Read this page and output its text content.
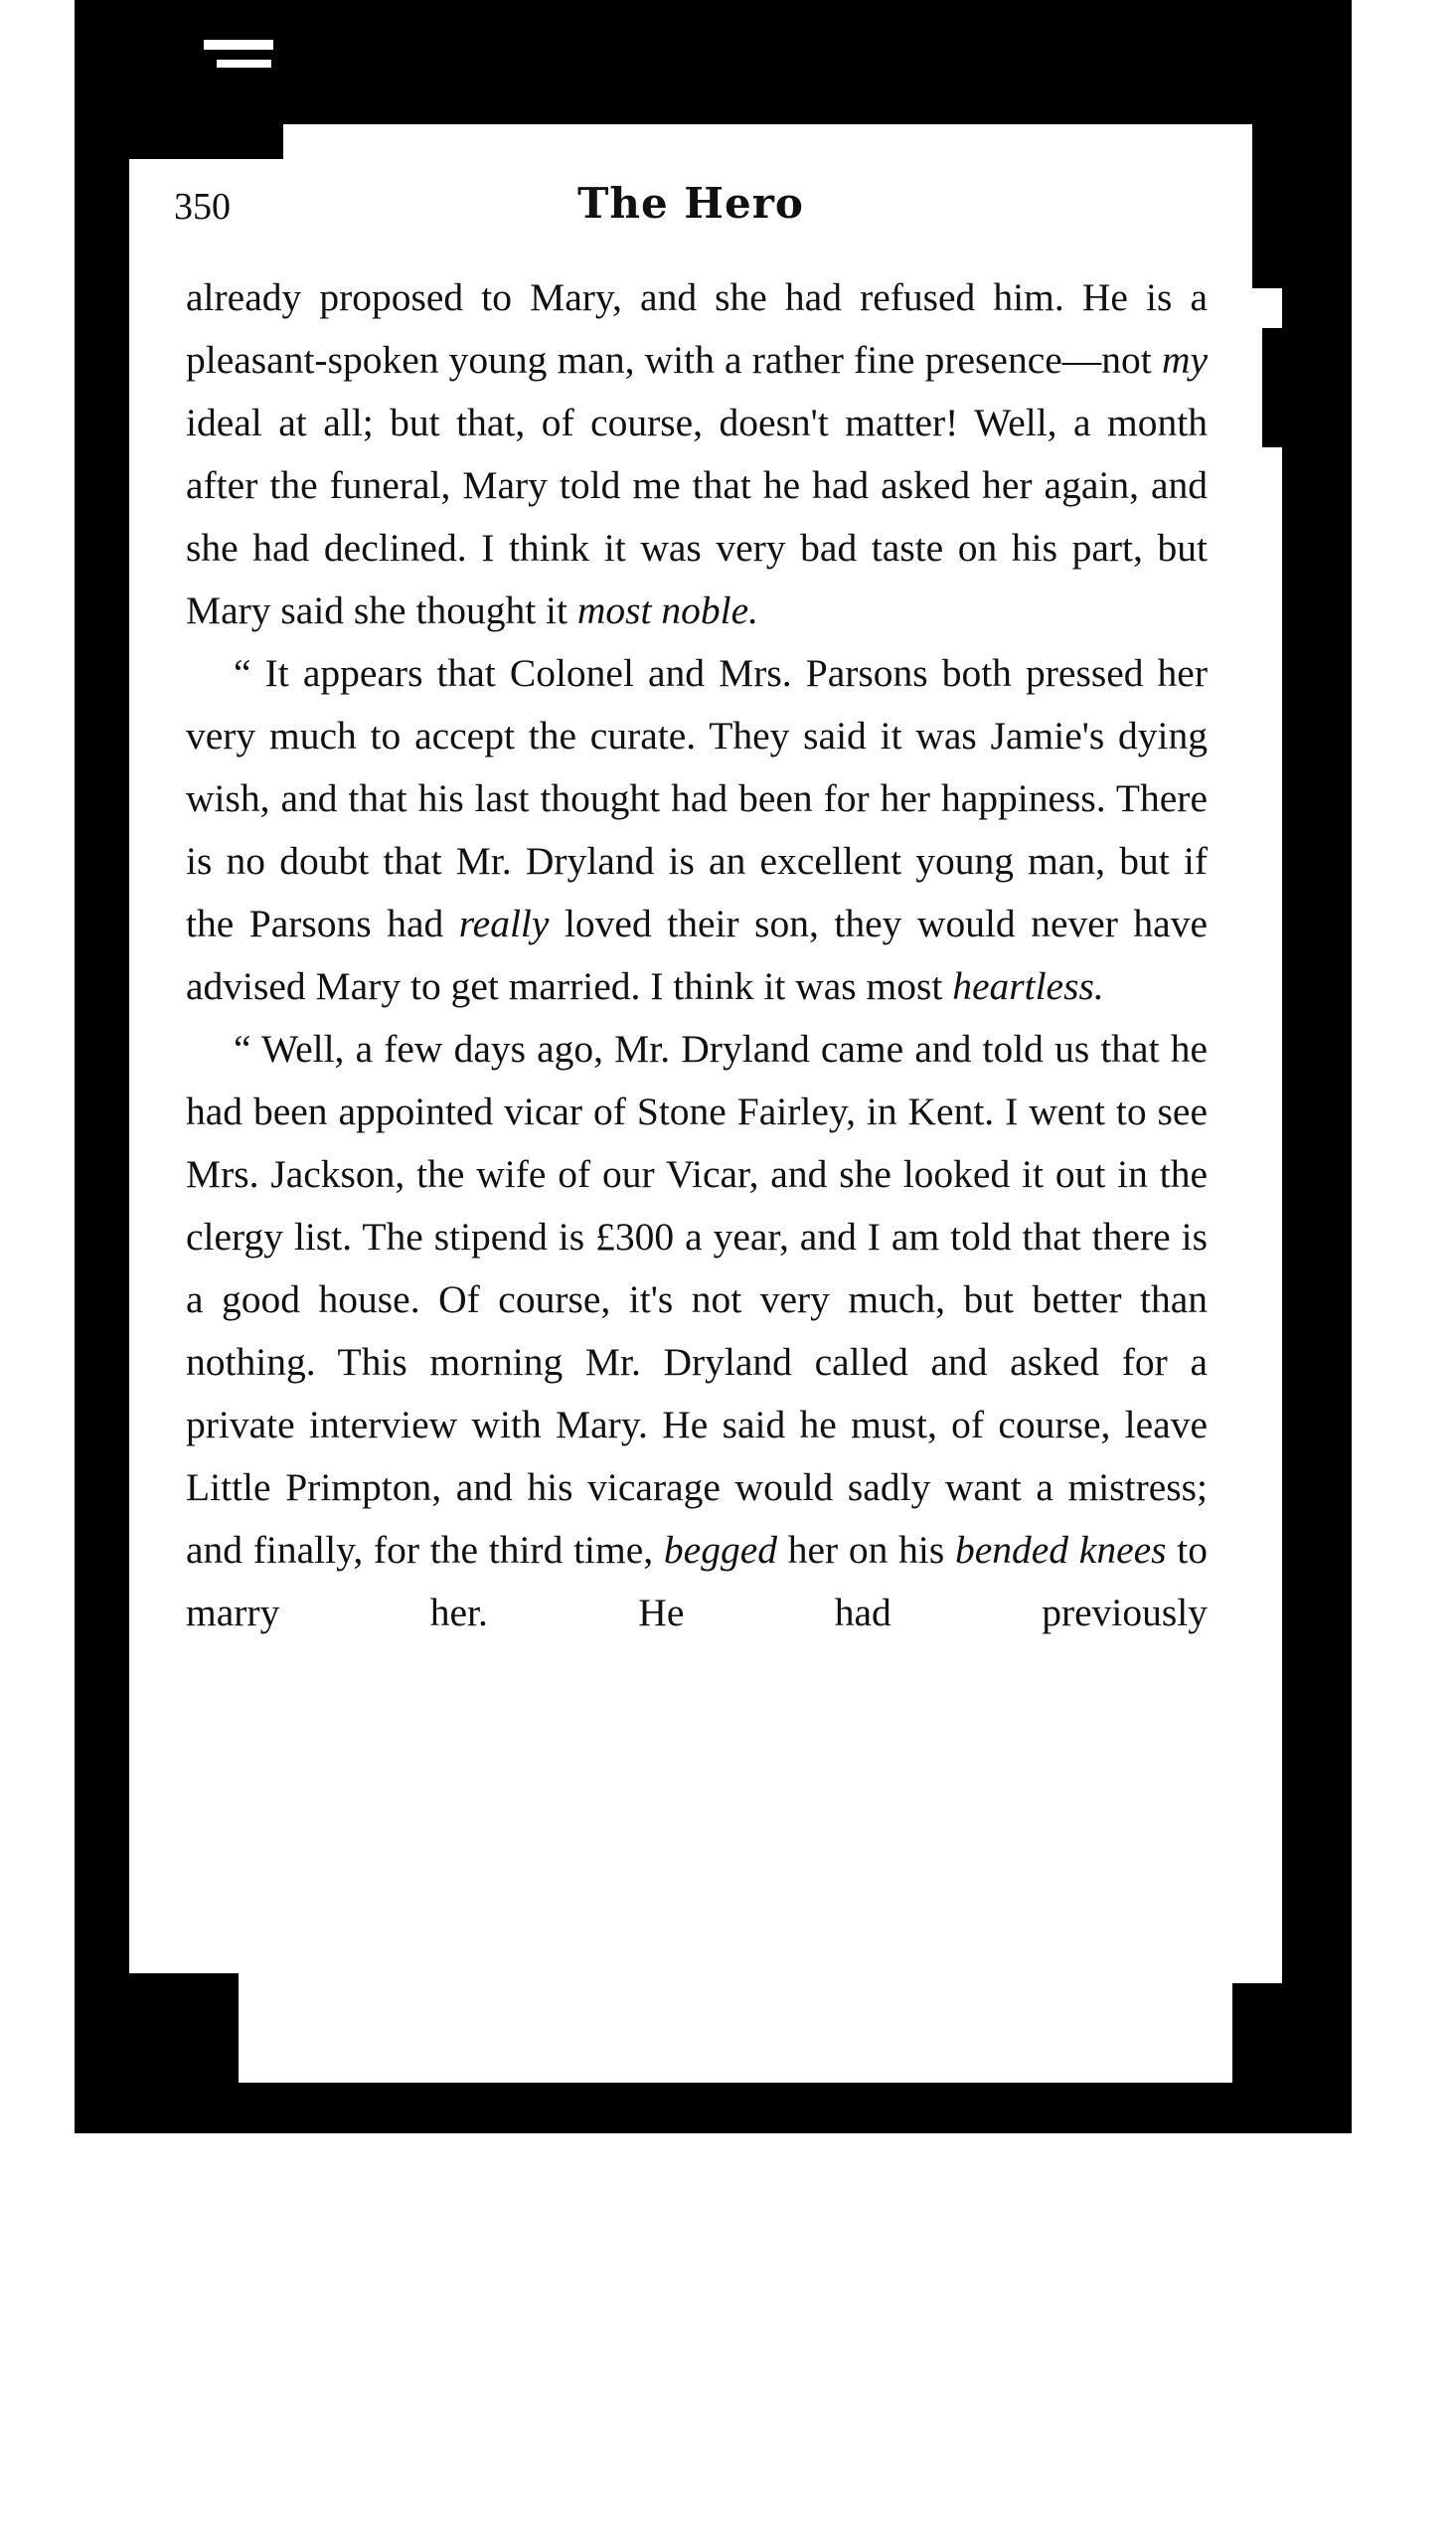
350	The Hero

already proposed to Mary, and she had refused him. He is a pleasant-spoken young man, with a rather fine presence—not my ideal at all; but that, of course, doesn't matter! Well, a month after the funeral, Mary told me that he had asked her again, and she had declined. I think it was very bad taste on his part, but Mary said she thought it most noble.

“ It appears that Colonel and Mrs. Parsons both pressed her very much to accept the curate. They said it was Jamie's dying wish, and that his last thought had been for her happiness. There is no doubt that Mr. Dryland is an excellent young man, but if the Parsons had really loved their son, they would never have advised Mary to get married. I think it was most heartless.

“ Well, a few days ago, Mr. Dryland came and told us that he had been appointed vicar of Stone Fairley, in Kent. I went to see Mrs. Jackson, the wife of our Vicar, and she looked it out in the clergy list. The stipend is £300 a year, and I am told that there is a good house. Of course, it's not very much, but better than nothing. This morning Mr. Dryland called and asked for a private interview with Mary. He said he must, of course, leave Little Primpton, and his vicarage would sadly want a mistress; and finally, for the third time, begged her on his bended knees to marry her. He had previously
